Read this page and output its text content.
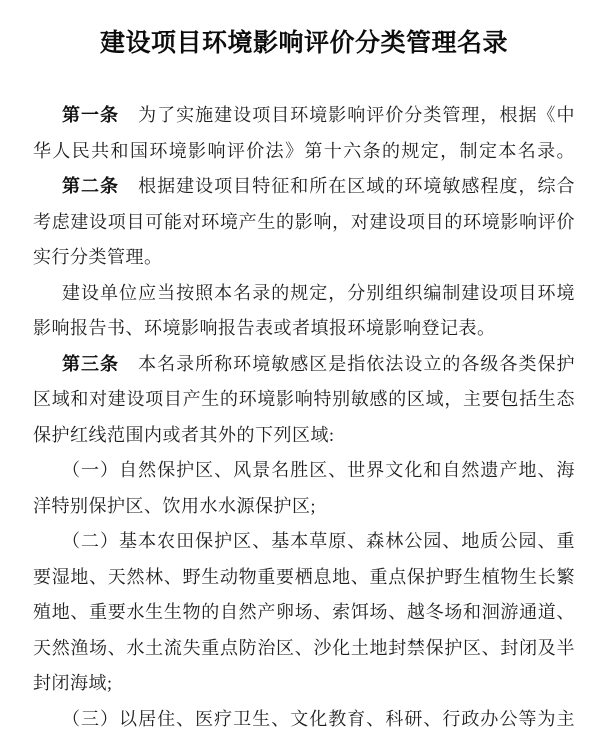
建设项目环境影响评价分类管理名录
第一条　为了实施建设项目环境影响评价分类管理，根据《中
华人民共和国环境影响评价法》第十六条的规定，制定本名录。
第二条　根据建设项目特征和所在区域的环境敏感程度，综合
考虑建设项目可能对环境产生的影响，对建设项目的环境影响评价
实行分类管理。
建设单位应当按照本名录的规定，分别组织编制建设项目环境
影响报告书、环境影响报告表或者填报环境影响登记表。
第三条　本名录所称环境敏感区是指依法设立的各级各类保护
区域和对建设项目产生的环境影响特别敏感的区域，主要包括生态
保护红线范围内或者其外的下列区域:
（一）自然保护区、风景名胜区、世界文化和自然遗产地、海
洋特别保护区、饮用水水源保护区;
（二）基本农田保护区、基本草原、森林公园、地质公园、重
要湿地、天然林、野生动物重要栖息地、重点保护野生植物生长繁
殖地、重要水生生物的自然产卵场、索饵场、越冬场和洄游通道、
天然渔场、水土流失重点防治区、沙化土地封禁保护区、封闭及半
封闭海域;
（三）以居住、医疗卫生、文化教育、科研、行政办公等为主
